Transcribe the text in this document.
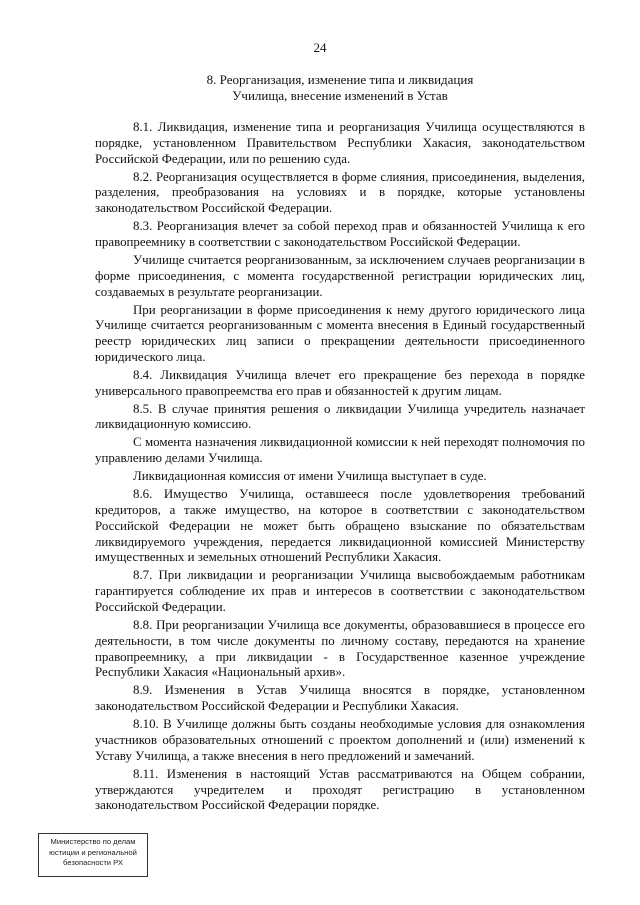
24
8. Реорганизация, изменение типа и ликвидация
Училища, внесение изменений в Устав

8.1. Ликвидация, изменение типа и реорганизация Училища осуществляются в порядке, установленном Правительством Республики Хакасия, законодательством Российской Федерации, или по решению суда.

8.2. Реорганизация осуществляется в форме слияния, присоединения, выделения, разделения, преобразования на условиях и в порядке, которые установлены законодательством Российской Федерации.

8.3. Реорганизация влечет за собой переход прав и обязанностей Училища к его правопреемнику в соответствии с законодательством Российской Федерации.

Училище считается реорганизованным, за исключением случаев реорганизации в форме присоединения, с момента государственной регистрации юридических лиц, создаваемых в результате реорганизации.

При реорганизации в форме присоединения к нему другого юридического лица Училище считается реорганизованным с момента внесения в Единый государственный реестр юридических лиц записи о прекращении деятельности присоединенного юридического лица.

8.4. Ликвидация Училища влечет его прекращение без перехода в порядке универсального правопреемства его прав и обязанностей к другим лицам.

8.5. В случае принятия решения о ликвидации Училища учредитель назначает ликвидационную комиссию.

С момента назначения ликвидационной комиссии к ней переходят полномочия по управлению делами Училища.

Ликвидационная комиссия от имени Училища выступает в суде.

8.6. Имущество Училища, оставшееся после удовлетворения требований кредиторов, а также имущество, на которое в соответствии с законодательством Российской Федерации не может быть обращено взыскание по обязательствам ликвидируемого учреждения, передается ликвидационной комиссией Министерству имущественных и земельных отношений Республики Хакасия.

8.7. При ликвидации и реорганизации Училища высвобождаемым работникам гарантируется соблюдение их прав и интересов в соответствии с законодательством Российской Федерации.

8.8. При реорганизации Училища все документы, образовавшиеся в процессе его деятельности, в том числе документы по личному составу, передаются на хранение правопреемнику, а при ликвидации - в Государственное казенное учреждение Республики Хакасия «Национальный архив».

8.9. Изменения в Устав Училища вносятся в порядке, установленном законодательством Российской Федерации и Республики Хакасия.

8.10. В Училище должны быть созданы необходимые условия для ознакомления участников образовательных отношений с проектом дополнений и (или) изменений к Уставу Училища, а также внесения в него предложений и замечаний.

8.11. Изменения в настоящий Устав рассматриваются на Общем собрании, утверждаются учредителем и проходят регистрацию в установленном законодательством Российской Федерации порядке.

Министерство по делам
юстиции и региональной
безопасности РХ
